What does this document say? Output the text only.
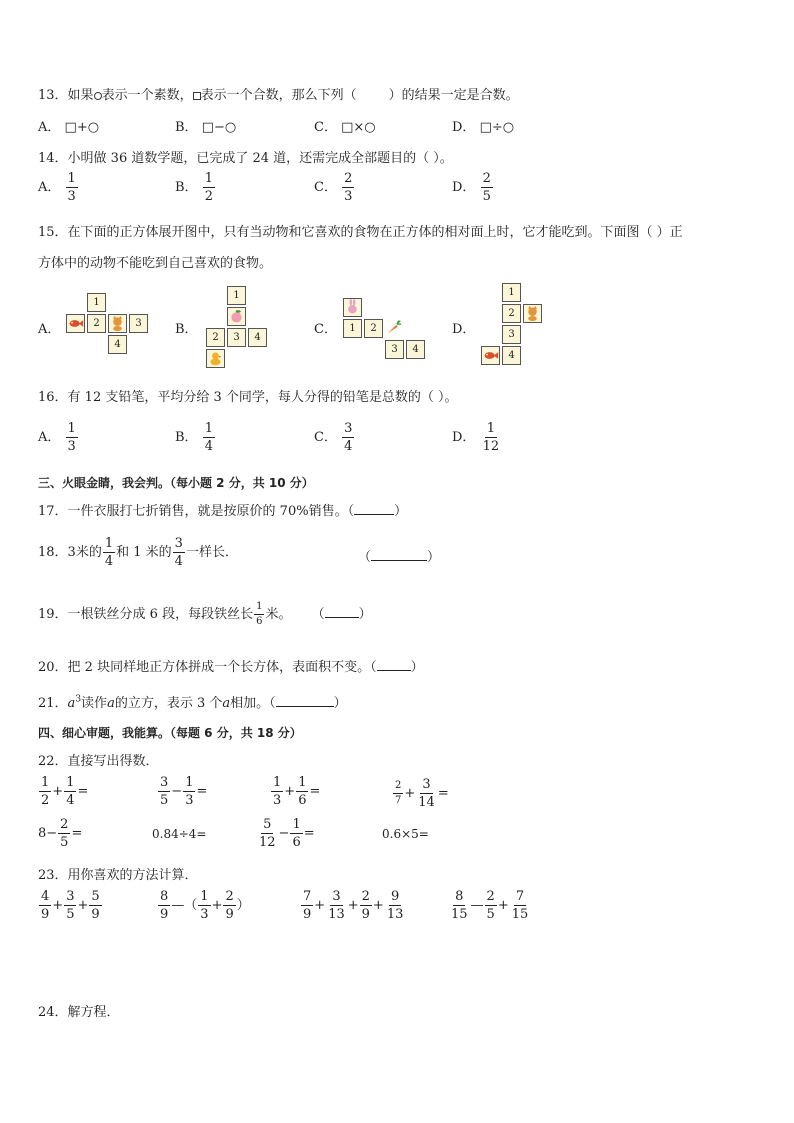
13．如果 表示一个素数， 表示一个合数，那么下列（ ）的结果一定是合数。
A． □+○	B． □−○	C． □×○	D． □÷○
14．小明做 36 道数学题，已完成了 24 道，还需完成全部题目的（ ）。
A． $\frac{1}{3}$	B． $\frac{1}{2}$	C． $\frac{2}{3}$	D． $\frac{2}{5}$
15．在下面的正方体展开图中，只有当动物和它喜欢的食物在正方体的相对面上时，它才能吃到。下面图（ ）正
方体中的动物不能吃到自己喜欢的食物。
A．	B．	C．	D．
1
2	3
4
1
2	3	4
1	2
3	4
1
2
3
4
16．有 12 支铅笔，平均分给 3 个同学，每人分得的铅笔是总数的（ ）。
A． $\frac{1}{3}$	B． $\frac{1}{4}$	C． $\frac{3}{4}$	D． $\frac{1}{12}$
三、火眼金睛，我会判。（每小题 2 分，共 10 分）
17．一件衣服打七折销售，就是按原价的 70%销售。（	）
18．3米的 $\frac{1}{4}$ 和 1 米的 $\frac{3}{4}$ 一样长．	（	）
19．一根铁丝分成 6 段，每段铁丝长 $\frac{1}{6}$ 米。 （	）
20．把 2 块同样地正方体拼成一个长方体，表面积不变。（	）
21．$a^3$读作a的立方，表示 3 个a相加。（	）
四、细心审题，我能算。（每题 6 分，共 18 分）
22．直接写出得数．
$\frac{1}{2} + \frac{1}{4}$ =	$\frac{3}{5} - \frac{1}{3}$ =	$\frac{1}{3} + \frac{1}{6}$ =	$\frac{2}{7} + \frac{3}{14}$ =
$8- \frac{2}{5}$ =	0.84÷4=	$\frac{5}{12} - \frac{1}{6}$ =	0.6×5=
23．用你喜欢的方法计算．
$\frac{4}{9} + \frac{3}{5} + \frac{5}{9}$	$\frac{8}{9}$ —（ $\frac{1}{3} + \frac{2}{9}$ ）	$\frac{7}{9} + \frac{3}{13} + \frac{2}{9} + \frac{9}{13}$	$\frac{8}{15}$ — $\frac{2}{5} + \frac{7}{15}$
24．解方程．
